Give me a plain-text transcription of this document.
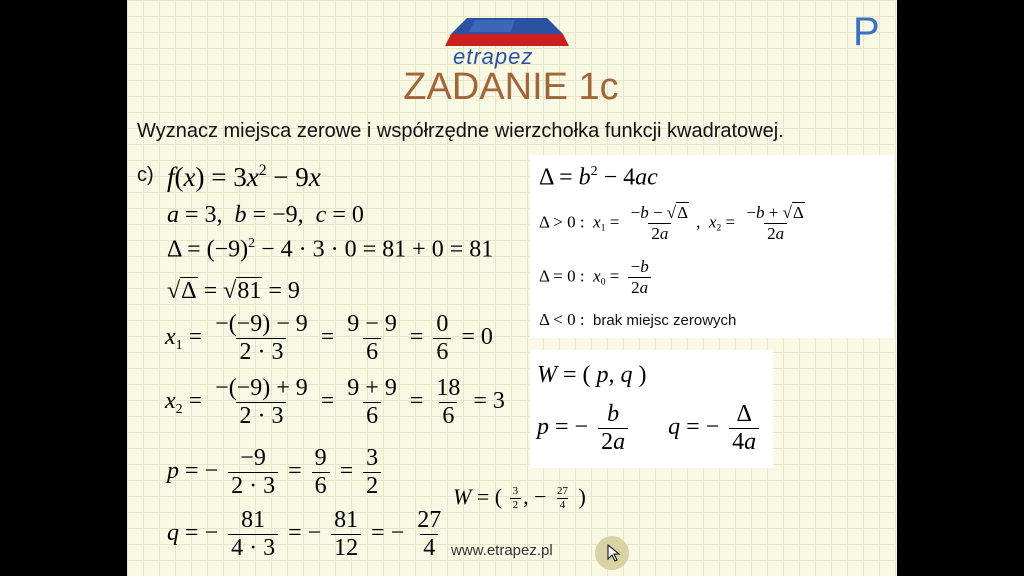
etrapez
P
ZADANIE 1c
Wyznacz miejsca zerowe i współrzędne wierzchołka funkcji kwadratowej.
c) $f(x) = 3x^2 - 9x$
a = 3,  b = −9,  c = 0
$\Delta = (-9)^2 - 4 \cdot 3 \cdot 0 = 81 + 0 = 81$
√Δ = √81 = 9
$x_1 = \frac{-(-9) - 9}{2 \cdot 3} = \frac{9 - 9}{6} = \frac{0}{6} = 0$
$x_2 = \frac{-(-9) + 9}{2 \cdot 3} = \frac{9 + 9}{6} = \frac{18}{6} = 3$
p = − $\frac{-9}{2 \cdot 3} = \frac{9}{6} = \frac{3}{2}$
q = − $\frac{81}{4 \cdot 3}$ = − $\frac{81}{12}$ = − $\frac{27}{4}$
W = ( $\frac{3}{2}$ , − $\frac{27}{4}$ )
$\Delta = b^2 - 4ac$
Δ > 0 :  $x_1 = \frac{-b - √\Delta}{2a}$ ,  $x_2 = \frac{-b + √\Delta}{2a}$
Δ = 0 :  $x_0 = \frac{-b}{2a}$
Δ < 0 : brak miejsc zerowych
W = ( p, q )
p = − $\frac{b}{2a}$ q = − $\frac{\Delta}{4a}$
www.etrapez.pl
